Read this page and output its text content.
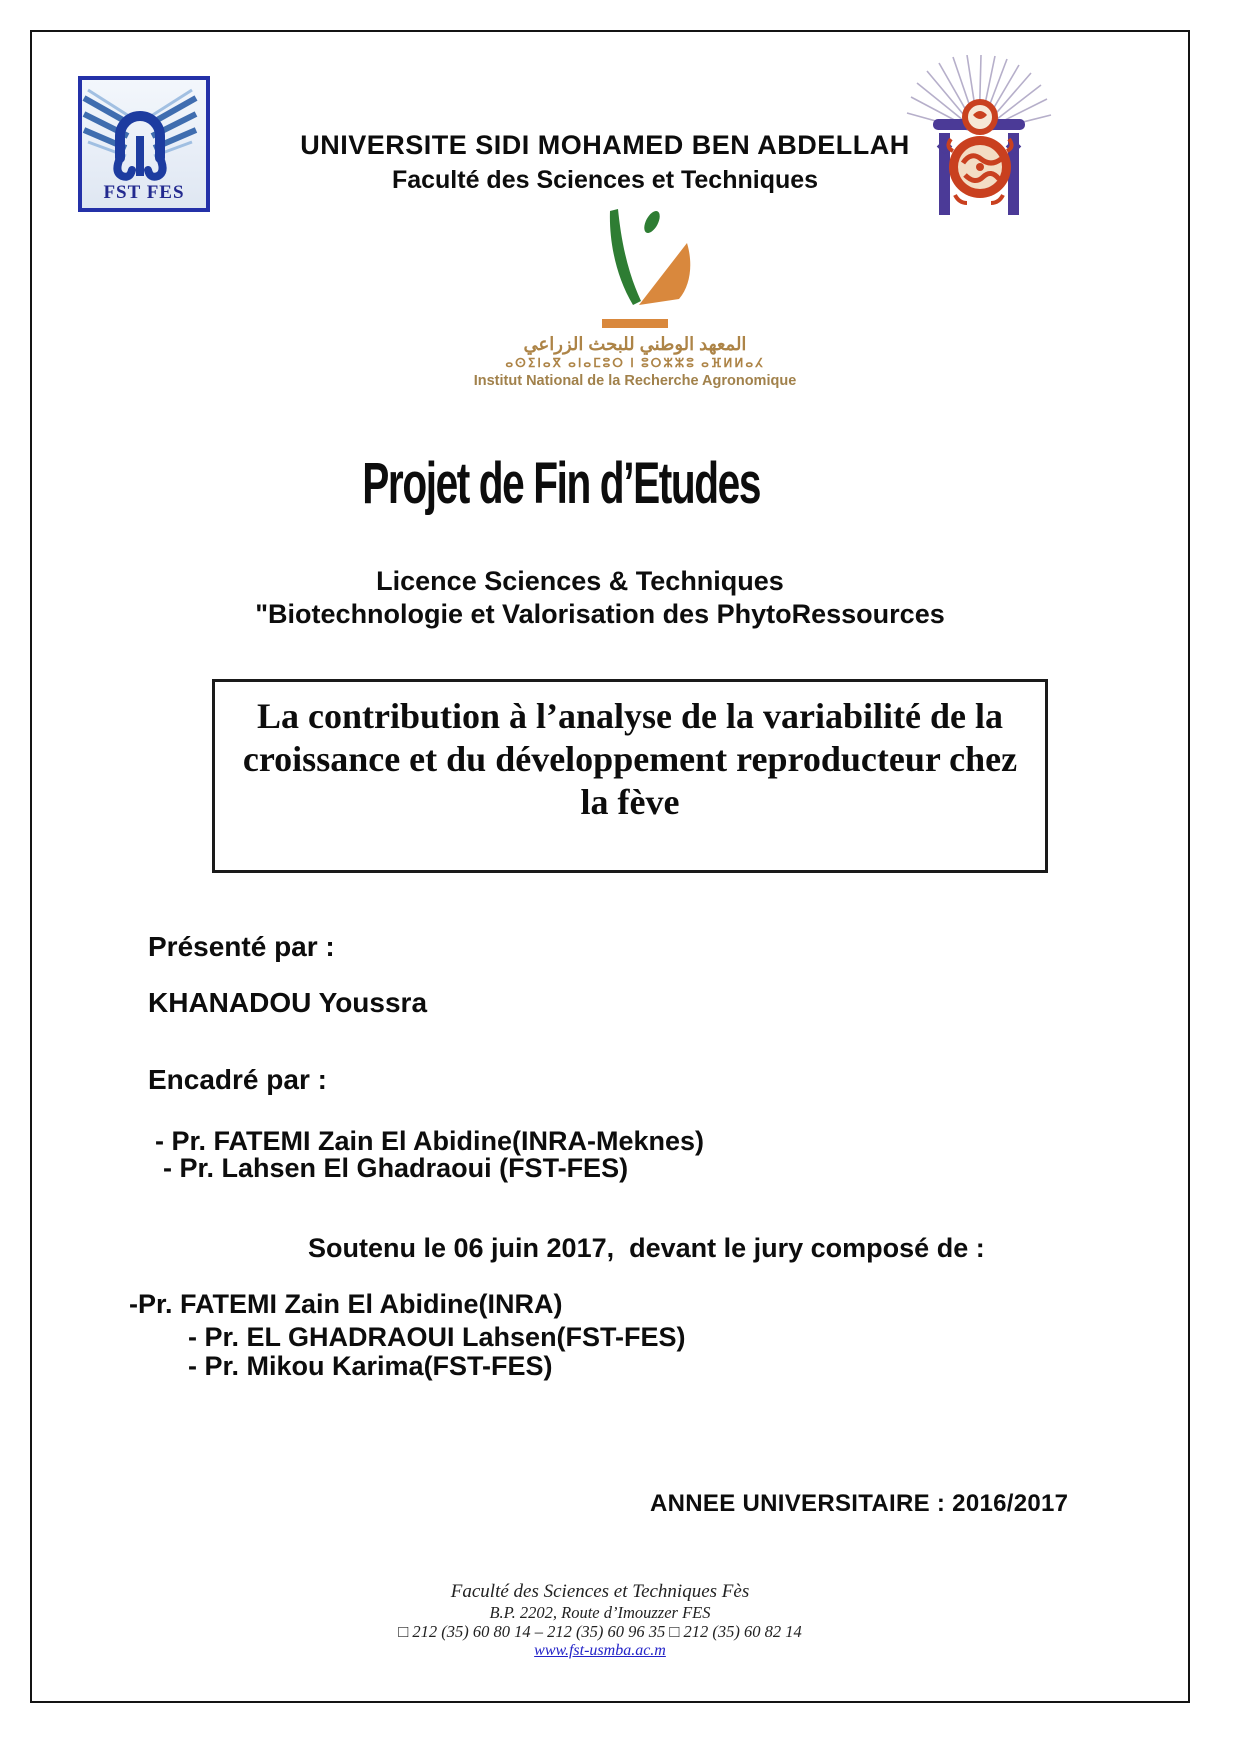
FST FES
UNIVERSITE SIDI MOHAMED BEN ABDELLAH
Faculté des Sciences et Techniques
المعهد الوطني للبحث الزراعي
ⴰⵙⵉⵏⴰⴳ ⴰⵏⴰⵎⵓⵔ ⵏ ⵓⵔⵣⵣⵓ ⴰⴼⵍⵍⴰⵃ
Institut National de la Recherche Agronomique
Projet de Fin d’Etudes
Licence Sciences & Techniques
"Biotechnologie et Valorisation des PhytoRessources
La contribution à l’analyse de la variabilité de la croissance et du développement reproducteur chez la fève
Présenté par :
KHANADOU Youssra
Encadré par :
- Pr. FATEMI Zain El Abidine(INRA-Meknes)
- Pr. Lahsen El Ghadraoui (FST-FES)
Soutenu le 06 juin 2017,  devant le jury composé de :
-Pr. FATEMI Zain El Abidine(INRA)
- Pr. EL GHADRAOUI Lahsen(FST-FES)
- Pr. Mikou Karima(FST-FES)
ANNEE UNIVERSITAIRE : 2016/2017
Faculté des Sciences et Techniques Fès
B.P. 2202, Route d’Imouzzer FES
□ 212 (35) 60 80 14 – 212 (35) 60 96 35 □ 212 (35) 60 82 14
www.fst-usmba.ac.m
